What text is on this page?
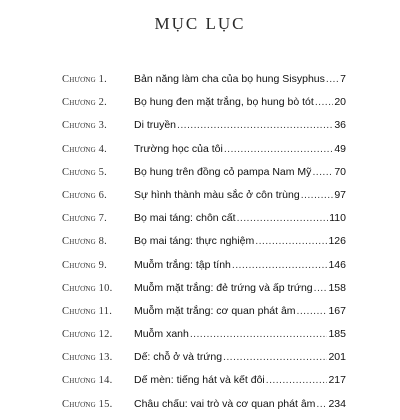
MỤC LỤC
Chương 1.	Bản năng làm cha của bọ hung Sisyphus ..... 7
Chương 2.	Bọ hung đen mặt trắng, bọ hung bò tót ..... 20
Chương 3.	Di truyền .....	36
Chương 4.	Trường học của tôi .....	49
Chương 5.	Bọ hung trên đồng cỏ pampa Nam Mỹ ..... 70
Chương 6.	Sự hình thành màu sắc ở côn trùng .....	97
Chương 7.	Bọ mai táng: chôn cất .....	110
Chương 8.	Bọ mai táng: thực nghiệm .....	126
Chương 9.	Muỗm trắng: tập tính .....	146
Chương 10.	Muỗm mặt trắng: đẻ trứng và ấp trứng ..... 158
Chương 11.	Muỗm mặt trắng: cơ quan phát âm .....	167
Chương 12.	Muỗm xanh .....	185
Chương 13.	Dế: chỗ ở và trứng .....	201
Chương 14.	Dế mèn: tiếng hát và kết đôi .....	217
Chương 15.	Châu chấu: vai trò và cơ quan phát âm ..... 234
